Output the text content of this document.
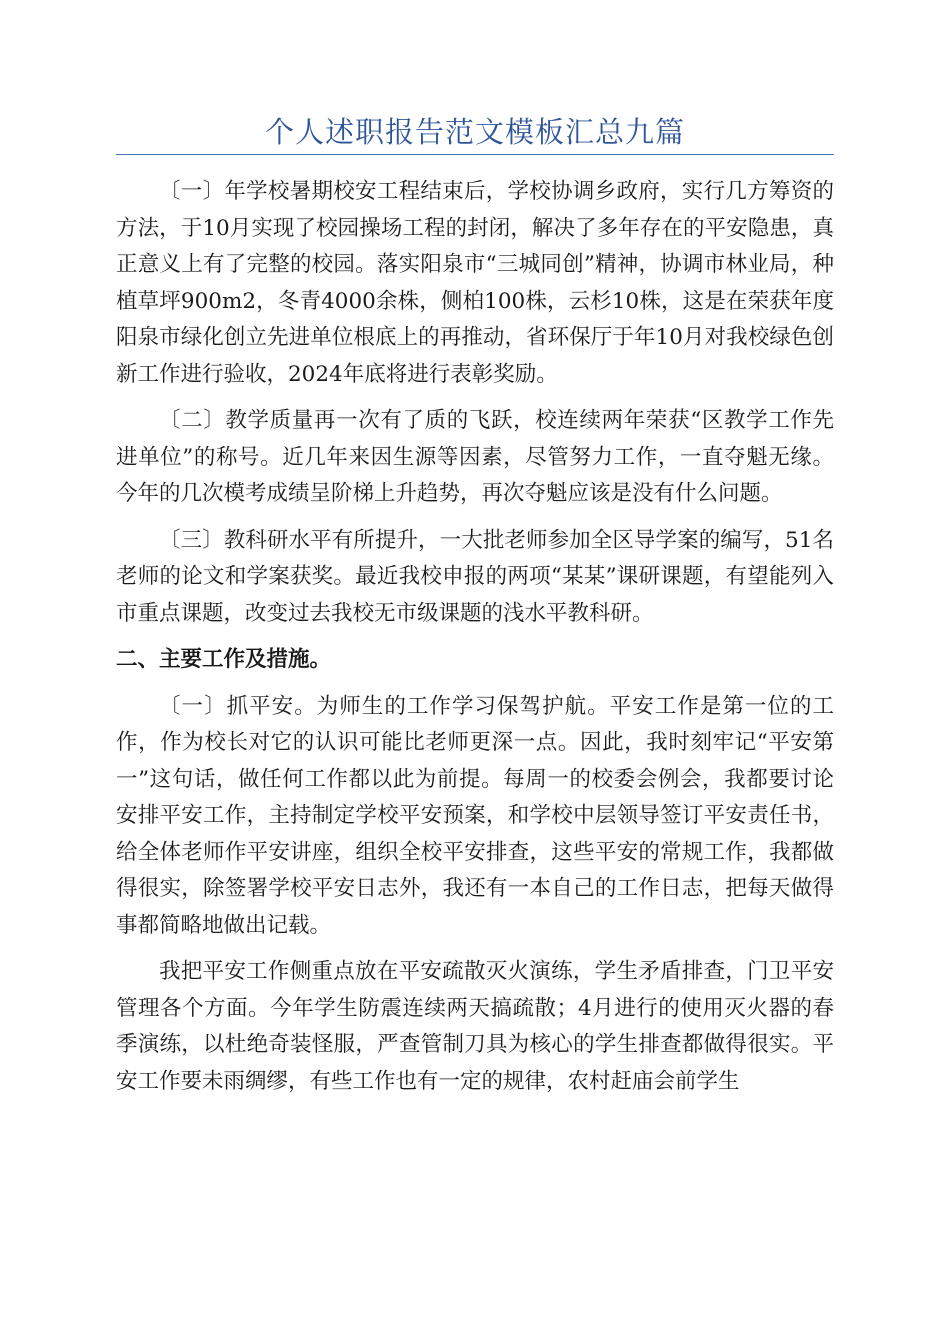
个人述职报告范文模板汇总九篇

〔一〕年学校暑期校安工程结束后，学校协调乡政府，实行几方筹资的方法，于10月实现了校园操场工程的封闭，解决了多年存在的平安隐患，真正意义上有了完整的校园。落实阳泉市“三城同创”精神，协调市林业局，种植草坪900m2，冬青4000余株，侧柏100株，云杉10株，这是在荣获年度阳泉市绿化创立先进单位根底上的再推动，省环保厅于年10月对我校绿色创新工作进行验收，2024年底将进行表彰奖励。

〔二〕教学质量再一次有了质的飞跃，校连续两年荣获“区教学工作先进单位”的称号。近几年来因生源等因素，尽管努力工作，一直夺魁无缘。今年的几次模考成绩呈阶梯上升趋势，再次夺魁应该是没有什么问题。

〔三〕教科研水平有所提升，一大批老师参加全区导学案的编写，51名老师的论文和学案获奖。最近我校申报的两项“某某”课研课题，有望能列入市重点课题，改变过去我校无市级课题的浅水平教科研。

二、主要工作及措施。

〔一〕抓平安。为师生的工作学习保驾护航。平安工作是第一位的工作，作为校长对它的认识可能比老师更深一点。因此，我时刻牢记“平安第一”这句话，做任何工作都以此为前提。每周一的校委会例会，我都要讨论安排平安工作，主持制定学校平安预案，和学校中层领导签订平安责任书，给全体老师作平安讲座，组织全校平安排查，这些平安的常规工作，我都做得很实，除签署学校平安日志外，我还有一本自己的工作日志，把每天做得事都简略地做出记载。

我把平安工作侧重点放在平安疏散灭火演练，学生矛盾排查，门卫平安管理各个方面。今年学生防震连续两天搞疏散；4月进行的使用灭火器的春季演练，以杜绝奇装怪服，严查管制刀具为核心的学生排查都做得很实。平安工作要未雨绸缪，有些工作也有一定的规律，农村赶庙会前学生
